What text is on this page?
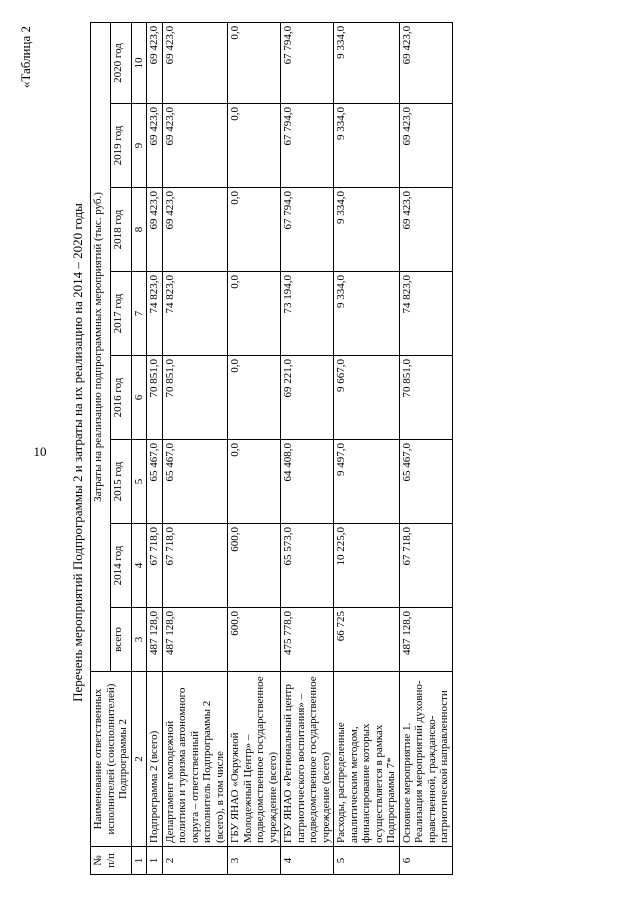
10
«Таблица 2
Перечень мероприятий Подпрограммы 2 и затраты на их реализацию на 2014 – 2020 годы
№ п/п	Наименование ответственных исполнителей (соисполнителей) Подпрограммы 2	Затраты на реализацию подпрограммных мероприятий (тыс. руб.)							
		всего	2014 год	2015 год	2016 год	2017 год	2018 год	2019 год	2020 год
1	2	3	4	5	6	7	8	9	10
1	Подпрограмма 2 (всего)	487 128,0	67 718,0	65 467,0	70 851,0	74 823,0	69 423,0	69 423,0	69 423,0
2	Департамент молодежной политики и туризма автономного округа – ответственный исполнитель Подпрограммы 2 (всего), в том числе	487 128,0	67 718,0	65 467,0	70 851,0	74 823,0	69 423,0	69 423,0	69 423,0
3	ГБУ ЯНАО «Окружной Молодежный Центр» – подведомственное государственное учреждение (всего)	600,0	600,0	0,0	0,0	0,0	0,0	0,0	0,0
4	ГБУ ЯНАО «Региональный центр патриотического воспитания» – подведомственное государственное учреждение (всего)	475 778,0	65 573,0	64 408,0	69 221,0	73 194,0	67 794,0	67 794,0	67 794,0
5	Расходы, распределенные аналитическим методом, финансирование которых осуществляется в рамках Подпрограммы 7*	66 725	10 225,0	9 497,0	9 667,0	9 334,0	9 334,0	9 334,0	9 334,0
6	Основное мероприятие 1. Реализация мероприятий духовно-нравственной, гражданско-патриотической направленности	487 128,0	67 718,0	65 467,0	70 851,0	74 823,0	69 423,0	69 423,0	69 423,0
